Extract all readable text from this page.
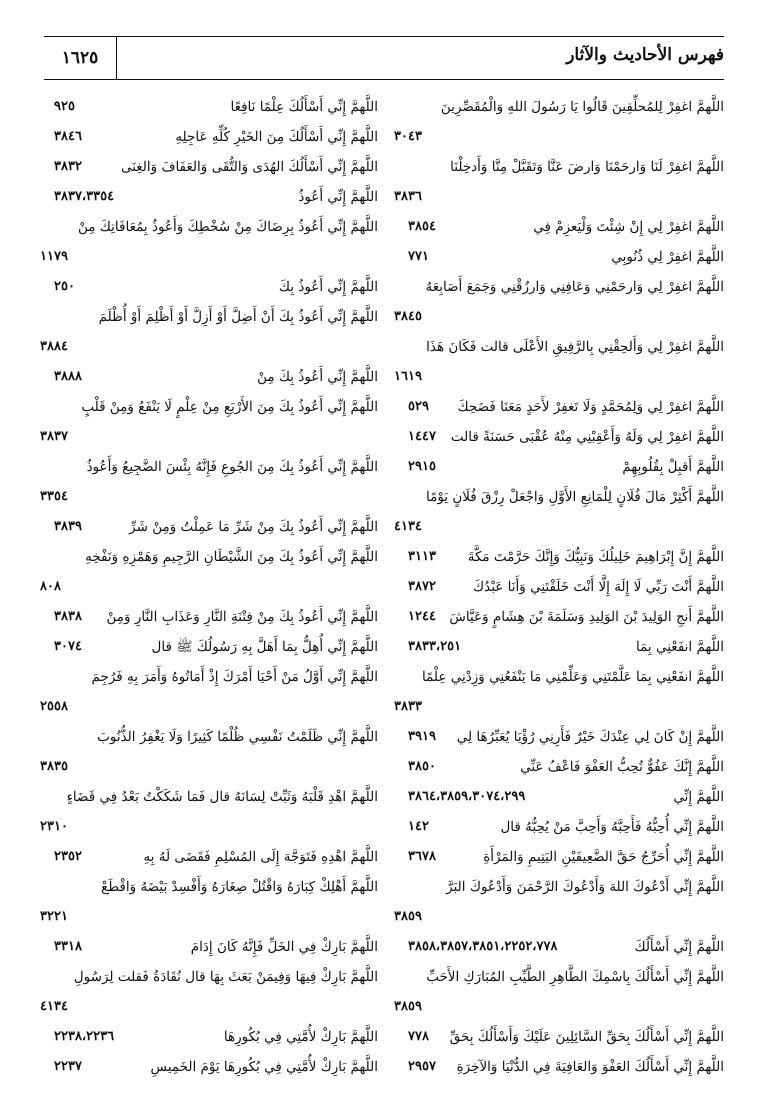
فهرس الأحاديث والآثار
١٦٢٥
اللَّهمَّ اغفِرْ لِلمُحلِّقِينَ قَالُوا يَا رَسُولَ اللهِ وَالْمُقَصِّرِينَ
٣٠٤٣
اللَّهمَّ اغفِرْ لَنَا وَارحَمْنَا وَارضَ عَنَّا وَتَقَبَّلْ مِنَّا وَأَدخِلْنَا
٣٨٣٦
٣٨٥٤	اللَّهمَّ اغفِرْ لِي إِنْ شِئْتَ وَلْيَعزِمْ فِي
٧٧١	اللَّهمَّ اغفِرْ لِي ذُنُوبِي
اللَّهمَّ اغفِرْ لِي وَارحَمْنِي وَعَافِنِي وَارزُقْنِي وَجَمَعَ أَصَابِعَهُ
٣٨٤٥
اللَّهمَّ اغفِرْ لِي وَأَلحِقْنِي بِالرَّفِيقِ الأَعْلَى قالت فَكَانَ هَذَا
١٦١٩
٥٢٩ اللَّهمَّ اغفِرْ لِي وَلِمُحَمَّدٍ وَلَا تَغفِرْ لأَحَدٍ مَعَنَا فَضَحِكَ
١٤٤٧ اللَّهمَّ اغفِرْ لِي وَلَهُ وَأَعْقِبْنِي مِنْهُ عُقْبَى حَسَنَةً قالت
٢٩١٥	اللَّهمَّ أَقبِلْ بِقُلُوبِهِمْ
اللَّهمَّ أَكْثِرْ مَالَ فُلَانٍ لِلْمَانِعِ الأَوَّلِ وَاجْعَلْ رِزْقَ فُلَانٍ يَوْمًا
٤١٣٤
٣١١٣ اللَّهمَّ إِنَّ إِبْرَاهِيمَ خَلِيلُكَ وَنَبِيُّكَ وَإِنَّكَ حَرَّمْتَ مَكَّةَ
٣٨٧٢	اللَّهمَّ أَنْتَ رَبِّي لَا إِلَهَ إِلَّا أَنْتَ خَلَقْتَنِي وَأَنَا عَبْدُكَ
١٢٤٤ اللَّهمَّ أَنجِ الوَلِيدَ بْنَ الوَلِيدِ وَسَلَمَةَ بْنَ هِشَامٍ وَعَيَّاشَ
٣٨٣٣،٢٥١	اللَّهمَّ انفَعْنِي بِمَا
اللَّهمَّ انفَعْنِي بِمَا عَلَّمْتَنِي وَعَلِّمْنِي مَا يَنْفَعُنِي وَزِدْنِي عِلْمًا
٣٨٣٣
٣٩١٩ اللَّهمَّ إِنْ كَانَ لِي عِنْدَكَ خَيْرٌ فَأَرِنِي رُؤْيَا يُعَبِّرُهَا لِي
٣٨٥٠	اللَّهمَّ إِنَّكَ عَفُوٌّ تُحِبُّ العَفْوَ فَاعْفُ عَنِّي
٣٨٦٤،٣٨٥٩،٣٠٧٤،٢٩٩	اللَّهمَّ إِنِّي
١٤٢	اللَّهمَّ إِنِّي أُحِبُّهُ فَأَحِبَّهُ وَأَحِبَّ مَنْ يُحِبُّهُ قال
٣٦٧٨	اللَّهمَّ إِنِّي أُحَرِّجُ حَقَّ الضَّعِيفَيْنِ اليَتِيمِ وَالمَرْأَةِ
اللَّهمَّ إِنِّي أَدْعُوكَ اللهَ وَأَدْعُوكَ الرَّحْمَنَ وَأَدْعُوكَ البَرَّ
٣٨٥٩
٣٨٥٨،٣٨٥٧،٣٨٥١،٢٢٥٢،٧٧٨	اللَّهمَّ إِنِّي أَسْأَلُكَ
اللَّهمَّ إِنِّي أَسْأَلُكَ بِاسْمِكَ الطَّاهِرِ الطَّيِّبِ المُبَارَكِ الأَحَبِّ
٣٨٥٩
٧٧٨ اللَّهمَّ إِنِّي أَسْأَلُكَ بِحَقِّ السَّائِلِينَ عَلَيْكَ وَأَسْأَلُكَ بِحَقِّ
٢٩٥٧ اللَّهمَّ إِنِّي أَسْأَلُكَ العَفْوَ وَالعَافِيَةَ فِي الدُّنْيَا وَالآخِرَةِ
٩٢٥	اللَّهمَّ إِنِّي أَسْأَلُكَ عِلْمًا نَافِعًا
٣٨٤٦	اللَّهمَّ إِنِّي أَسْأَلُكَ مِنَ الخَيْرِ كُلِّهِ عَاجِلِهِ
٣٨٣٢	اللَّهمَّ إِنِّي أَسْأَلُكَ الهُدَى وَالتُّقَى وَالعَفَافَ وَالغِنَى
٣٨٣٧،٣٣٥٤	اللَّهمَّ إِنِّي أَعُوذُ
اللَّهمَّ إِنِّي أَعُوذُ بِرِضَاكَ مِنْ سُخْطِكَ وَأَعُوذُ بِمُعَافَاتِكَ مِنْ
١١٧٩
٢٥٠	اللَّهمَّ إِنِّي أَعُوذُ بِكَ
اللَّهمَّ إِنِّي أَعُوذُ بِكَ أَنْ أَضِلَّ أَوْ أَزِلَّ أَوْ أَظْلِمَ أَوْ أُظْلَمَ
٣٨٨٤
٣٨٨٨	اللَّهمَّ إِنِّي أَعُوذُ بِكَ مِنْ
اللَّهمَّ إِنِّي أَعُوذُ بِكَ مِنَ الأَرْبَعِ مِنْ عِلْمٍ لَا يَنْفَعُ وَمِنْ قَلْبٍ
٣٨٣٧
اللَّهمَّ إِنِّي أَعُوذُ بِكَ مِنَ الجُوعِ فَإِنَّهُ بِئْسَ الضَّجِيعُ وَأَعُوذُ
٣٣٥٤
٣٨٣٩	اللَّهمَّ إِنِّي أَعُوذُ بِكَ مِنْ شَرِّ مَا عَمِلْتُ وَمِنْ شَرِّ
اللَّهمَّ إِنِّي أَعُوذُ بِكَ مِنَ الشَّيْطَانِ الرَّجِيمِ وَهَمْزِهِ وَنَفْخِهِ
٨٠٨
٣٨٣٨ اللَّهمَّ إِنِّي أَعُوذُ بِكَ مِنْ فِتْنَةِ النَّارِ وَعَذَابِ النَّارِ وَمِنْ
٣٠٧٤	اللَّهمَّ إِنِّي أُهِلُّ بِمَا أَهَلَّ بِهِ رَسُولُكَ ﷺ قال
اللَّهمَّ إِنِّي أَوَّلُ مَنْ أَحْيَا أَمْرَكَ إِذْ أَمَاتُوهُ وَأَمَرَ بِهِ فَرُجِمَ
٢٥٥٨
اللَّهمَّ إِنِّي ظَلَمْتُ نَفْسِي ظُلْمًا كَثِيرًا وَلَا يَغْفِرُ الذُّنُوبَ
٣٨٣٥
اللَّهمَّ اهْدِ قَلْبَهُ وَثَبِّتْ لِسَانَهُ قال فَمَا شَكَكْتُ بَعْدُ فِي قَضَاءٍ
٢٣١٠
٢٣٥٢	اللَّهمَّ اهْدِهِ فَتَوَجَّهَ إِلَى المُسْلِمِ فَقَضَى لَهُ بِهِ
اللَّهمَّ أَهْلِكْ كِبَارَهُ وَاقْتُلْ صِغَارَهُ وَأَفْسِدْ بَيْضَهُ وَاقْطَعْ
٣٢٢١
٣٣١٨	اللَّهمَّ بَارِكْ فِي الخَلِّ فَإِنَّهُ كَانَ إِدَامَ
اللَّهمَّ بَارِكْ فِيهَا وَفِيمَنْ بَعَثَ بِهَا قال نُقَادَةُ فَقلت لِرَسُولِ
٤١٣٤
٢٢٣٨،٢٢٣٦	اللَّهمَّ بَارِكْ لأُمَّتِي فِي بُكُورِهَا
٢٢٣٧	اللَّهمَّ بَارِكْ لأُمَّتِي فِي بُكُورِهَا يَوْمَ الخَمِيسِ
